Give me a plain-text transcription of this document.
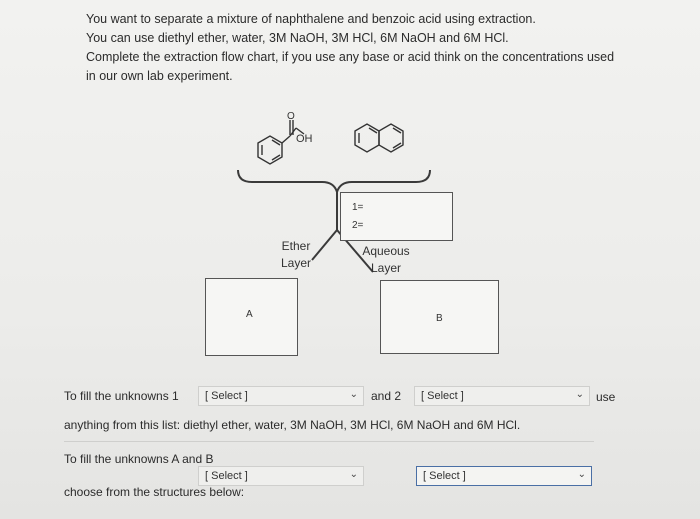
You want to separate a mixture of naphthalene and benzoic acid using extraction.
You can use diethyl ether, water, 3M NaOH, 3M HCl, 6M NaOH and 6M HCl.
Complete the extraction flow chart, if you use any base or acid think on the concentrations used
in our own lab experiment.
OH
O
1=
2=
Ether
Layer
Aqueous
Layer
A	B
To fill the unknowns 1	[ Select ]	⌄ and 2	[ Select ]	⌄ use
anything from this list: diethyl ether, water, 3M NaOH, 3M HCl, 6M NaOH and 6M HCl.
To fill the unknowns A
[ Select ]	⌄
and B
[ Select ]	⌄
choose from the structures below:
